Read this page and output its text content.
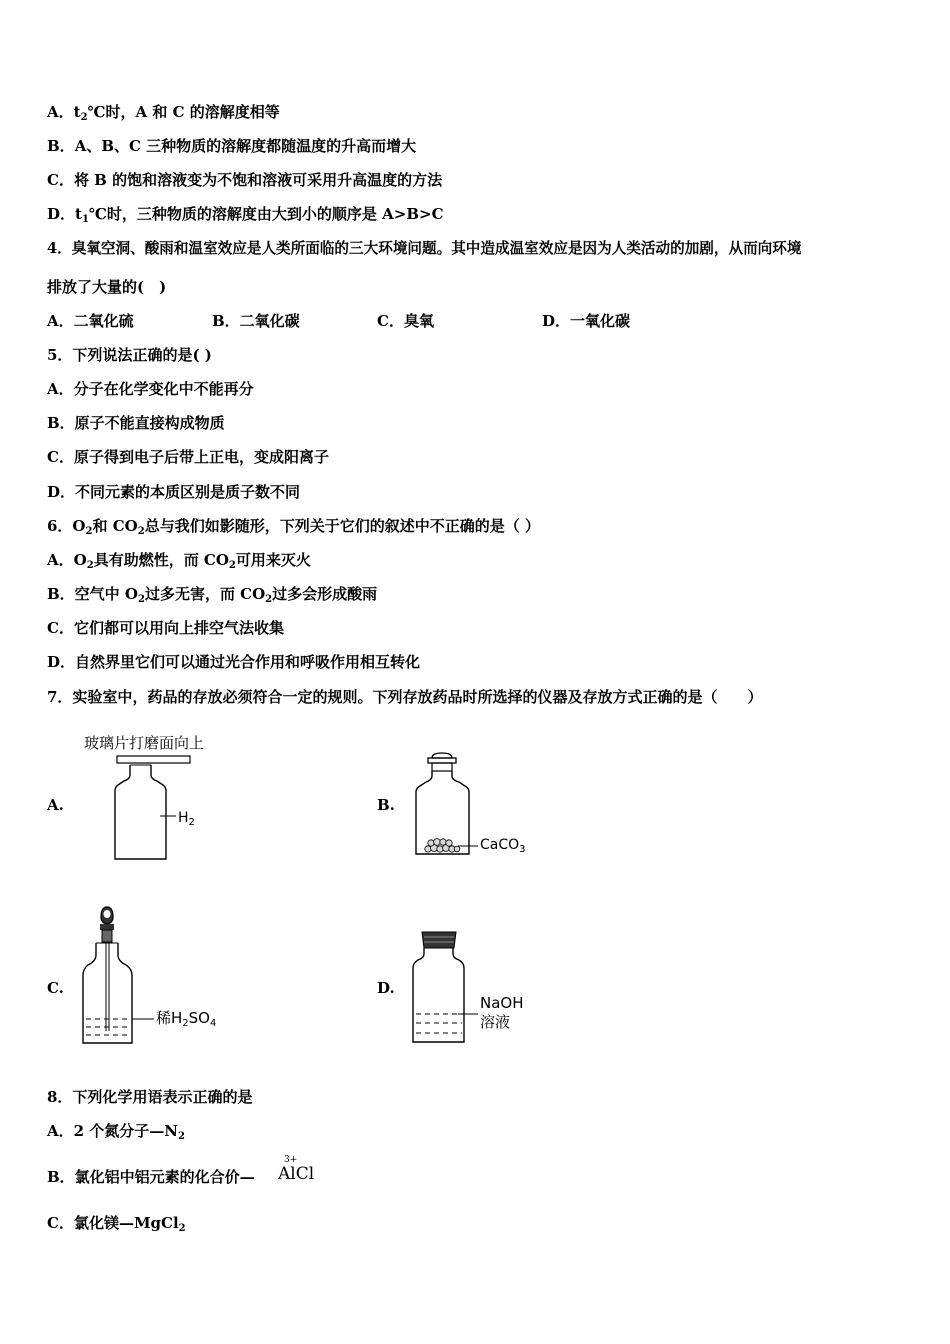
A．$t_2℃$时，A 和 C 的溶解度相等
B．A、B、C 三种物质的溶解度都随温度的升高而增大
C．将 B 的饱和溶液变为不饱和溶液可采用升高温度的方法
D．$t_1℃$时，三种物质的溶解度由大到小的顺序是 A>B>C
4．臭氧空洞、酸雨和温室效应是人类所面临的三大环境问题。其中造成温室效应是因为人类活动的加剧，从而向环境
排放了大量的(　)
A．二氧化硫	B．二氧化碳	C．臭氧	D．一氧化碳
5．下列说法正确的是( )
A．分子在化学变化中不能再分
B．原子不能直接构成物质
C．原子得到电子后带上正电，变成阳离子
D．不同元素的本质区别是质子数不同
6．$O_2$和 $CO_2$总与我们如影随形，下列关于它们的叙述中不正确的是（ ）
A．$O_2$具有助燃性，而 $CO_2$可用来灭火
B．空气中 $O_2$过多无害，而 $CO_2$过多会形成酸雨
C．它们都可以用向上排空气法收集
D．自然界里它们可以通过光合作用和呼吸作用相互转化
7．实验室中，药品的存放必须符合一定的规则。下列存放药品时所选择的仪器及存放方式正确的是（　　）
A.
玻璃片打磨面向上
$H_2$
B.
CaCO$_3$
C.
稀$H_2SO_4$
D.
NaOH
溶液
8．下列化学用语表示正确的是
A．2 个氮分子$—N_2$
B．氯化铝中铝元素的化合价—
3+
AlCl
C．氯化镁—MgCl$_2$
